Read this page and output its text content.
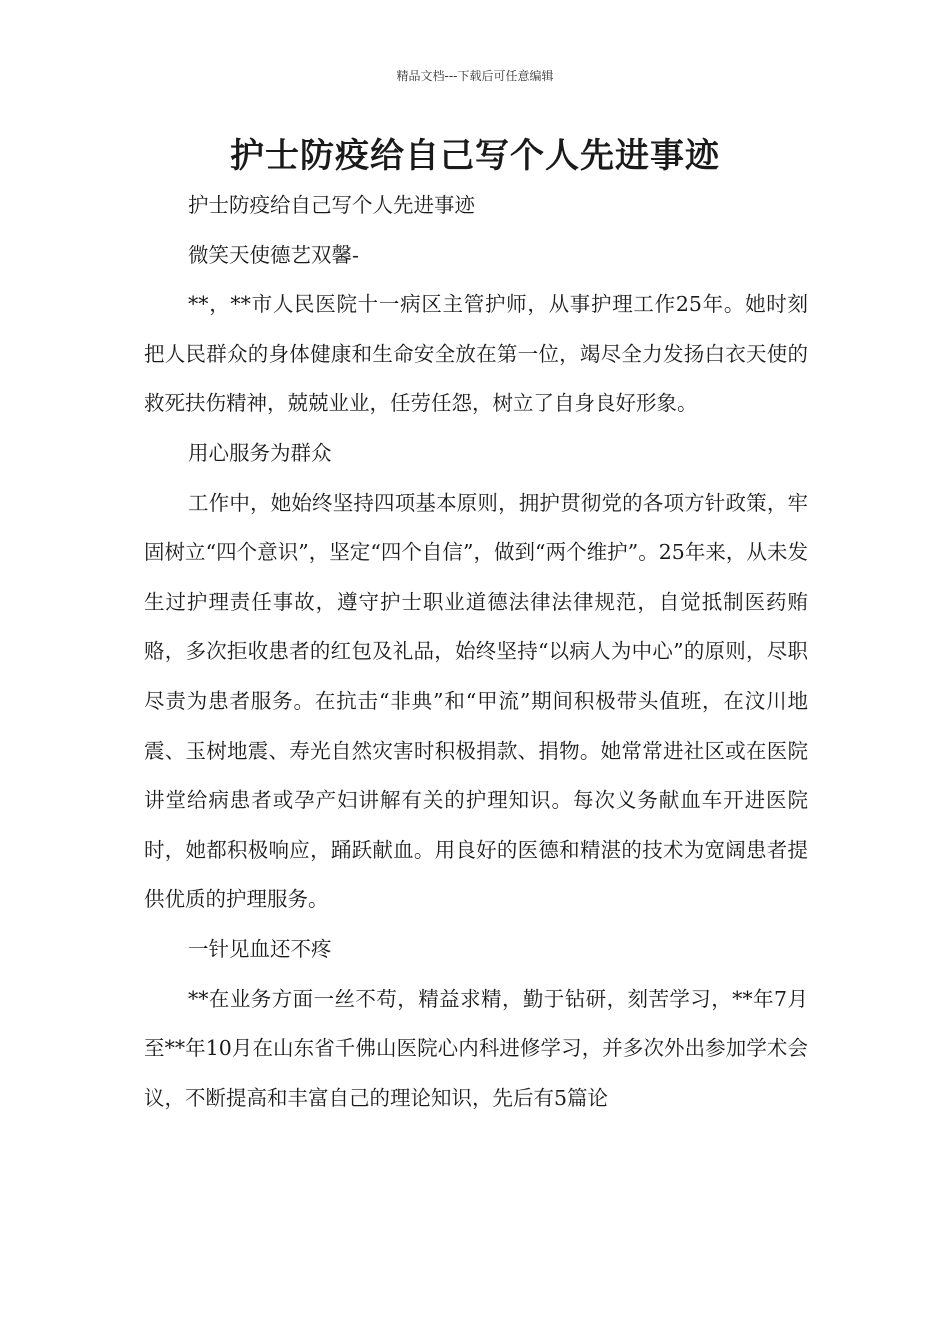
精品文档---下载后可任意编辑
护士防疫给自己写个人先进事迹

护士防疫给自己写个人先进事迹

微笑天使德艺双馨-

**，**市人民医院十一病区主管护师，从事护理工作25年。她时刻把人民群众的身体健康和生命安全放在第一位，竭尽全力发扬白衣天使的救死扶伤精神，兢兢业业，任劳任怨，树立了自身良好形象。

用心服务为群众

工作中，她始终坚持四项基本原则，拥护贯彻党的各项方针政策，牢固树立“四个意识”，坚定“四个自信”，做到“两个维护”。25年来，从未发生过护理责任事故，遵守护士职业道德法律法律规范，自觉抵制医药贿赂，多次拒收患者的红包及礼品，始终坚持“以病人为中心”的原则，尽职尽责为患者服务。在抗击“非典”和“甲流”期间积极带头值班，在汶川地震、玉树地震、寿光自然灾害时积极捐款、捐物。她常常进社区或在医院讲堂给病患者或孕产妇讲解有关的护理知识。每次义务献血车开进医院时，她都积极响应，踊跃献血。用良好的医德和精湛的技术为宽阔患者提供优质的护理服务。

一针见血还不疼

**在业务方面一丝不苟，精益求精，勤于钻研，刻苦学习，**年7月至**年10月在山东省千佛山医院心内科进修学习，并多次外出参加学术会议，不断提高和丰富自己的理论知识，先后有5篇论
